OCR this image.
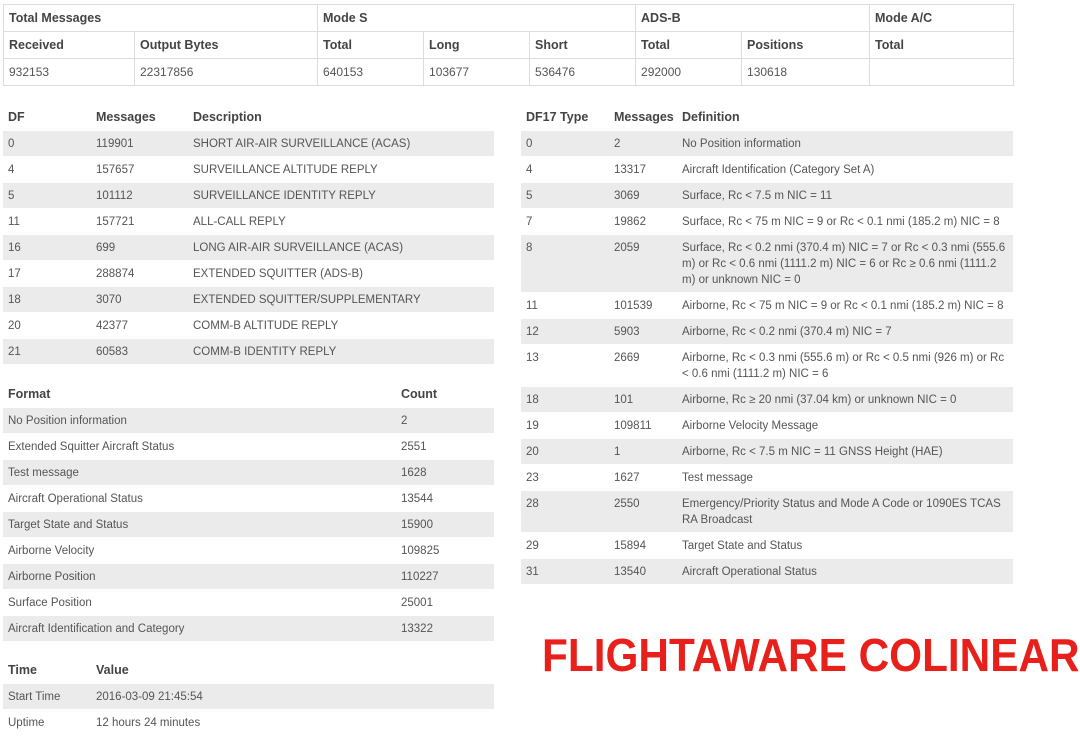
Total Messages		Mode S			ADS-B		Mode A/C
Received	Output Bytes	Total	Long	Short	Total	Positions	Total
932153	22317856	640153	103677	536476	292000	130618	
DF	Messages	Description
0	119901	SHORT AIR-AIR SURVEILLANCE (ACAS)
4	157657	SURVEILLANCE ALTITUDE REPLY
5	101112	SURVEILLANCE IDENTITY REPLY
11	157721	ALL-CALL REPLY
16	699	LONG AIR-AIR SURVEILLANCE (ACAS)
17	288874	EXTENDED SQUITTER (ADS-B)
18	3070	EXTENDED SQUITTER/SUPPLEMENTARY
20	42377	COMM-B ALTITUDE REPLY
21	60583	COMM-B IDENTITY REPLY
Format	Count
No Position information	2
Extended Squitter Aircraft Status	2551
Test message	1628
Aircraft Operational Status	13544
Target State and Status	15900
Airborne Velocity	109825
Airborne Position	110227
Surface Position	25001
Aircraft Identification and Category	13322
Time	Value
Start Time	2016-03-09 21:45:54
Uptime	12 hours 24 minutes
DF17 Type	Messages	Definition
0	2	No Position information
4	13317	Aircraft Identification (Category Set A)
5	3069	Surface, Rc < 7.5 m NIC = 11
7	19862	Surface, Rc < 75 m NIC = 9 or Rc < 0.1 nmi (185.2 m) NIC = 8
8	2059	Surface, Rc < 0.2 nmi (370.4 m) NIC = 7 or Rc < 0.3 nmi (555.6 m) or Rc < 0.6 nmi (1111.2 m) NIC = 6 or Rc ≥ 0.6 nmi (1111.2 m) or unknown NIC = 0
11	101539	Airborne, Rc < 75 m NIC = 9 or Rc < 0.1 nmi (185.2 m) NIC = 8
12	5903	Airborne, Rc < 0.2 nmi (370.4 m) NIC = 7
13	2669	Airborne, Rc < 0.3 nmi (555.6 m) or Rc < 0.5 nmi (926 m) or Rc < 0.6 nmi (1111.2 m) NIC = 6
18	101	Airborne, Rc ≥ 20 nmi (37.04 km) or unknown NIC = 0
19	109811	Airborne Velocity Message
20	1	Airborne, Rc < 7.5 m NIC = 11 GNSS Height (HAE)
23	1627	Test message
28	2550	Emergency/Priority Status and Mode A Code or 1090ES TCAS RA Broadcast
29	15894	Target State and Status
31	13540	Aircraft Operational Status
FLIGHTAWARE COLINEAR
